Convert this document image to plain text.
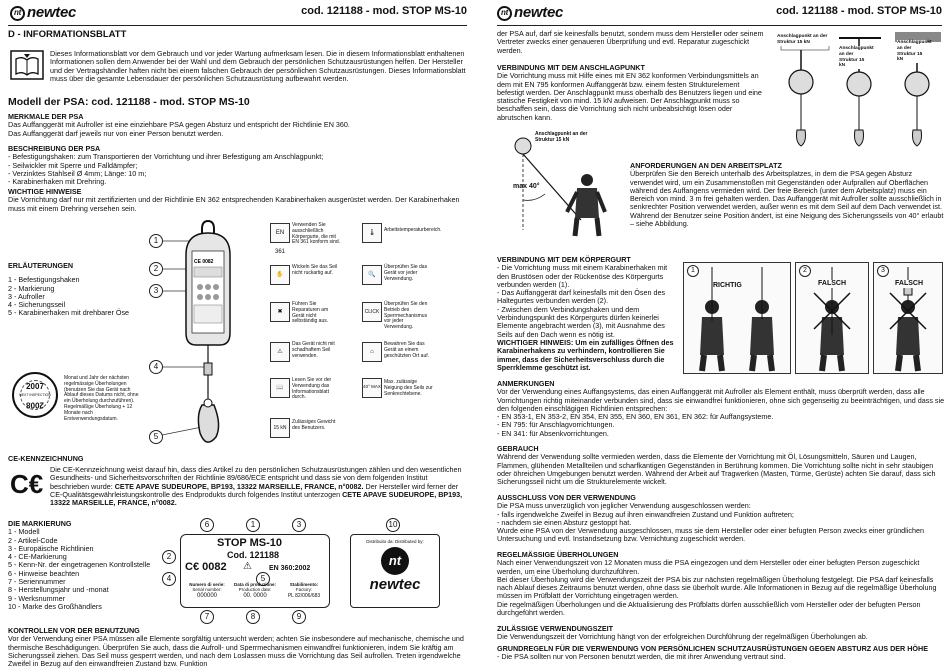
nt newtec	cod. 121188 - mod. STOP MS-10
D - INFORMATIONSBLATT
Dieses Informationsblatt vor dem Gebrauch und vor jeder Wartung aufmerksam lesen. Die in diesem Informationsblatt enthaltenen Informationen sollen dem Anwender bei der Wahl und dem Gebrauch der persönlichen Schutzausrüstungen helfen. Der Hersteller und der Vertragshändler haften nicht bei einem falschen Gebrauch der persönlichen Schutzausrüstungen. Dieses Informationsblatt muss über die gesamte Lebensdauer der persönlichen Schutzausrüstung aufbewahrt werden.
Modell der PSA: cod. 121188 - mod. STOP MS-10
MERKMALE DER PSA
Das Auffanggerät mit Aufroller ist eine einziehbare PSA gegen Absturz und entspricht der Richtlinie EN 360.
Das Auffanggerät darf jeweils nur von einer Person benutzt werden.
BESCHREIBUNG DER PSA
- Befestigungshaken: zum Transportieren der Vorrichtung und ihrer Befestigung am Anschlagpunkt;
- Seilwickler mit Sperre und Falldämpfer;
- Verzinktes Stahlseil Ø 4mm; Länge: 10 m;
- Karabinerhaken mit Drehring.
WICHTIGE HINWEISE
Die Vorrichtung darf nur mit zertifizierten und der Richtlinie EN 362 entsprechenden Karabinerhaken ausgerüstet werden. Der Karabinerhaken muss mit einem Drehring versehen sein.
CE 0082
1
2
3
4
5
ERLÄUTERUNGEN
1 - Befestigungshaken
2 - Markierung
3 - Aufroller
4 - Sicherungsseil
5 - Karabinerhaken mit drehbarer Öse
2007
NEXT INSPECTION
2008
Monat und Jahr der nächsten regelmässige Überholungen (benutzen Sie das Gerät nach Ablauf dieses Datums nicht, ohne ein Überholung durchzuführen). Regelmäßige Überholung + 12 Monate nach Erstverwendungsdatum.
EN 361
Verwenden Sie ausschließlich Körpergurte, die mit EN 361 konform sind.
✋
Wickeln Sie das Seil nicht ruckartig auf.
✖
Führen Sie Reparaturen am Gerät nicht selbständig aus.
⚠
Das Gerät nicht mit schadhaftem Seil verwenden.
📖
Lesen Sie vor der Verwendung das Informationsblatt durch.
15 kN
Zulässiges Gewicht des Benutzers.
🌡	Arbeitstemperaturbereich.
🔍
Überprüfen Sie das Gerät vor jeder Verwendung.
CLICK
Überprüfen Sie den Betrieb des Sperrmechanismus vor jeder Verwendung.
⌂
Bewahren Sie das Gerät an einem geschützten Ort auf.
40° MAX
Max. zulässige Neigung des Seils zur Senkrechtebene.
CE-KENNZEICHNUNG
C€ Die CE-Kennzeichnung weist darauf hin, dass dies Artikel zu den persönlichen Schutzausrüstungen zählen und den wesentlichen Gesundheits- und Sicherheitsvorschriften der Richtlinie 89/686/ECE entspricht und dass sie von dem folgenden Institut beschrieben wurde: CETE APAVE SUDEUROPE, BP193, 13322 MARSEILLE, FRANCE, n°0082. Der Hersteller wird ferner der CE-Qualitätsgewährleistungskontrolle des Endprodukts durch folgendes Institut unterzogen CETE APAVE SUDEUROPE, BP193, 13322 MARSEILLE, FRANCE, n°0082.
DIE MARKIERUNG
1 - Modell
2 - Artikel-Code
3 - Europäische Richtlinien
4 - CE-Markierung
5 - Kenn-Nr. der eingetragenen Kontrollstelle
6 - Hinweise beachten
7 - Seriennummer
8 - Herstellungsjahr und -monat
9 - Werksnummer
10 - Marke des Großhändlers
6	1	3	10
2
4
7	8	9
5
STOP MS-10
Cod. 121188
C€ 0082 ⚠ EN 360:2002
Numero di serie:
Serial number:
000000
Data di produzione:
Production date:
00. 0000
Stabilimento:
Factory:
PL 82/006/683
Distribuito da: Distributed by:
nt
newtec
KONTROLLEN VOR DER BENUTZUNG
Vor der Verwendung einer PSA müssen alle Elemente sorgfältig untersucht werden; achten Sie insbesondere auf mechanische, chemische und thermische Beschädigungen. Überprüfen Sie auch, dass die Aufroll- und Sperrmechanismen einwandfrei funktionieren, indem Sie kräftig am Sicherungsseil ziehen. Das Seil muss gesperrt werden, und nach dem Loslassen muss die Vorrichtung das Seil aufrollen. Treten irgendwelche Zweifel in Bezug auf den einwandfreien Zustand bzw. Funktion
nt newtec	cod. 121188 - mod. STOP MS-10
der PSA auf, darf sie keinesfalls benutzt, sondern muss dem Hersteller oder seinem Vertreter zwecks einer genaueren Überprüfung und evtl. Reparatur zugeschickt werden.
VERBINDUNG MIT DEM ANSCHLAGPUNKT
Die Vorrichtung muss mit Hilfe eines mit EN 362 konformen Verbindungsmittels an dem mit EN 795 konformen Auffanggerät bzw. einem festen Strukturelement befestigt werden. Der Anschlagpunkt muss oberhalb des Benutzers liegen und eine statische Festigkeit von mind. 15 kN aufweisen. Der Anschlagpunkt muss so beschaffen sein, dass die Vorrichtung sich nicht unbeabsichtigt lösen oder abrutschen kann.
Anschlagpunkt an der Struktur 15 kN
Anschlagpunkt an der Struktur 15 kN
Anschlagpunkt an der Struktur 15 kN
Anschlagpunkt an der Struktur 15 kN
max 40°
ANFORDERUNGEN AN DEN ARBEITSPLATZ
Überprüfen Sie den Bereich unterhalb des Arbeitsplatzes, in dem die PSA gegen Absturz verwendet wird, um ein Zusammenstoßen mit Gegenständen oder Aufprallen auf Oberflächen während des Auffangens vermieden wird. Der freie Bereich (unter dem Arbeitsplatz) muss ein Bereich von mind. 3 m frei gehalten werden. Das Auffanggerät mit Aufroller sollte ausschließlich in senkrechter Position verwendet werden, außer wenn es mit dem Seil auf dem Dach verwendet ist. Während der Benutzer seine Position ändert, ist eine Neigung des Sicherungsseils von 40° erlaubt – siehe Abbildung.
VERBINDUNG MIT DEM KÖRPERGURT
- Die Vorrichtung muss mit einem Karabinerhaken mit den Brustösen oder der Rückenöse des Körpergurts verbunden werden (1).
- Das Auffanggerät darf keinesfalls mit den Ösen des Haltegurtes verbunden werden (2).
- Zwischen dem Verbindungshaken und dem Verbindungspunkt des Körpergurts dürfen keinerlei Elemente angebracht werden (3), mit Ausnahme des Seils auf den Dach wenn es nötig ist.
WICHTIGER HINWEIS: Um ein zufälliges Öffnen des Karabinerhakens zu verhindern, kontrollieren Sie immer, dass der Sicherheitsverschluss durch die Sperrklemme geschützt ist.
1	2	3
RICHTIG	FALSCH	FALSCH
ANMERKUNGEN
Vor der Verwendung eines Auffangsystems, das einen Auffanggerät mit Aufroller als Element enthält, muss überprüft werden, dass alle Vorrichtungen richtig miteinander verbunden sind, dass sie einwandfrei funktionieren, ohne sich gegenseitig zu beeinträchtigen, und dass sie den folgenden einschlägigen Richtlinien entsprechen:
- EN 353-1, EN 353-2, EN 354, EN 355, EN 360, EN 361, EN 362: für Auffangsysteme.
- EN 795: für Anschlagvorrichtungen.
- EN 341: für Absenkvorrichtungen.
GEBRAUCH
Während der Verwendung sollte vermieden werden, dass die Elemente der Vorrichtung mit Öl, Lösungsmitteln, Säuren und Laugen, Flammen, glühenden Metallteilen und scharfkantigen Gegenständen in Berührung kommen. Die Vorrichtung sollte nicht in sehr staubigen oder öhreichen Umgebungen benutzt werden. Während der Arbeit auf Tragwerken (Masten, Türme, Gerüste) achten Sie darauf, dass sich Sicherungsseil nicht um die Strukturelemente wickelt.
AUSSCHLUSS VON DER VERWENDUNG
Die PSA muss unverzüglich von jeglicher Verwendung ausgeschlossen werden:
- falls irgendwelche Zweifel in Bezug auf ihren einwandfreien Zustand und Funktion auftreten;
- nachdem sie einen Absturz gestoppt hat.
Wurde eine PSA von der Verwendung ausgeschlossen, muss sie dem Hersteller oder einer befugten Person zwecks einer gründlichen Untersuchung und evtl. Instandsetzung bzw. Vernichtung zugeschickt werden.
REGELMÄSSIGE ÜBERHOLUNGEN
Nach einer Verwendungszeit von 12 Monaten muss die PSA eingezogen und dem Hersteller oder einer befugten Person zugeschickt werden, um eine Überholung durchzuführen.
Bei dieser Überholung wird die Verwendungszeit der PSA bis zur nächsten regelmäßigen Überholung festgelegt. Die PSA darf keinesfalls nach Ablauf dieses Zeitraums benutzt werden, ohne dass sie überholt wurde. Alle Informationen in Bezug auf die regelmäßige Überholung müssen im Prüfblatt der Vorrichtung eingetragen werden.
Die regelmäßigen Überholungen und die Aktualisierung des Prüfblatts dürfen ausschließlich vom Hersteller oder der befugten Person durchgeführt werden.
ZULÄSSIGE VERWENDUNGSZEIT
Die Verwendungszeit der Vorrichtung hängt von der erfolgreichen Durchführung der regelmäßigen Überholungen ab.
GRUNDREGELN FÜR DIE VERWENDUNG VON PERSÖNLICHEN SCHUTZAUSRÜSTUNGEN GEGEN ABSTURZ AUS DER HÖHE
- Die PSA sollten nur von Personen benutzt werden, die mit ihrer Anwendung vertraut sind.
